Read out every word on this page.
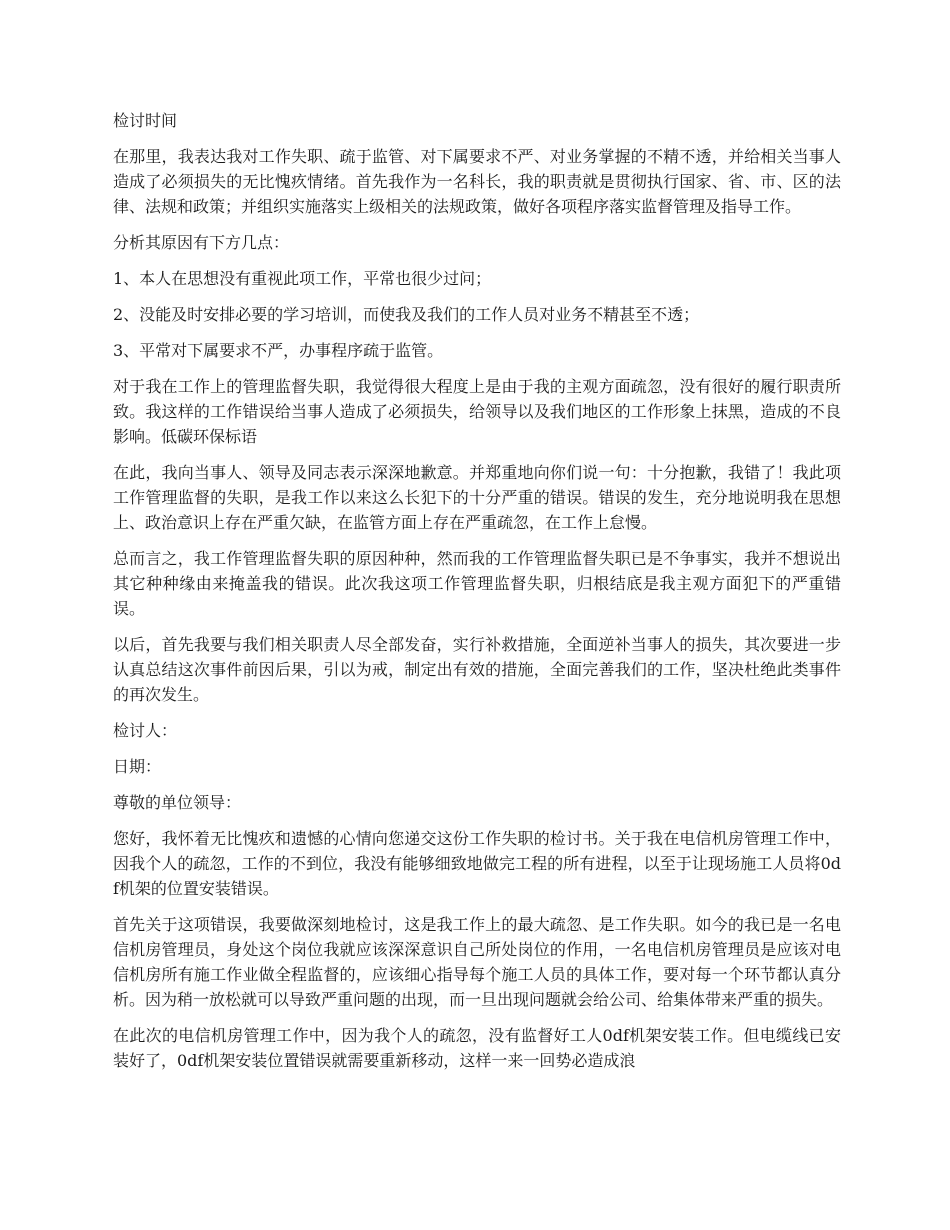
检讨时间

在那里，我表达我对工作失职、疏于监管、对下属要求不严、对业务掌握的不精不透，并给相关当事人造成了必须损失的无比愧疚情绪。首先我作为一名科长，我的职责就是贯彻执行国家、省、市、区的法律、法规和政策；并组织实施落实上级相关的法规政策，做好各项程序落实监督管理及指导工作。

分析其原因有下方几点：

1、本人在思想没有重视此项工作，平常也很少过问；

2、没能及时安排必要的学习培训，而使我及我们的工作人员对业务不精甚至不透；

3、平常对下属要求不严，办事程序疏于监管。

对于我在工作上的管理监督失职，我觉得很大程度上是由于我的主观方面疏忽，没有很好的履行职责所致。我这样的工作错误给当事人造成了必须损失，给领导以及我们地区的工作形象上抹黑，造成的不良影响。低碳环保标语

在此，我向当事人、领导及同志表示深深地歉意。并郑重地向你们说一句：十分抱歉，我错了！我此项工作管理监督的失职，是我工作以来这么长犯下的十分严重的错误。错误的发生，充分地说明我在思想上、政治意识上存在严重欠缺，在监管方面上存在严重疏忽，在工作上怠慢。

总而言之，我工作管理监督失职的原因种种，然而我的工作管理监督失职已是不争事实，我并不想说出其它种种缘由来掩盖我的错误。此次我这项工作管理监督失职，归根结底是我主观方面犯下的严重错误。

以后，首先我要与我们相关职责人尽全部发奋，实行补救措施，全面逆补当事人的损失，其次要进一步认真总结这次事件前因后果，引以为戒，制定出有效的措施，全面完善我们的工作，坚决杜绝此类事件的再次发生。

检讨人：

日期：

尊敬的单位领导：

您好，我怀着无比愧疚和遗憾的心情向您递交这份工作失职的检讨书。关于我在电信机房管理工作中，因我个人的疏忽，工作的不到位，我没有能够细致地做完工程的所有进程，以至于让现场施工人员将0df机架的位置安装错误。

首先关于这项错误，我要做深刻地检讨，这是我工作上的最大疏忽、是工作失职。如今的我已是一名电信机房管理员，身处这个岗位我就应该深深意识自己所处岗位的作用，一名电信机房管理员是应该对电信机房所有施工作业做全程监督的，应该细心指导每个施工人员的具体工作，要对每一个环节都认真分析。因为稍一放松就可以导致严重问题的出现，而一旦出现问题就会给公司、给集体带来严重的损失。

在此次的电信机房管理工作中，因为我个人的疏忽，没有监督好工人0df机架安装工作。但电缆线已安装好了，0df机架安装位置错误就需要重新移动，这样一来一回势必造成浪
